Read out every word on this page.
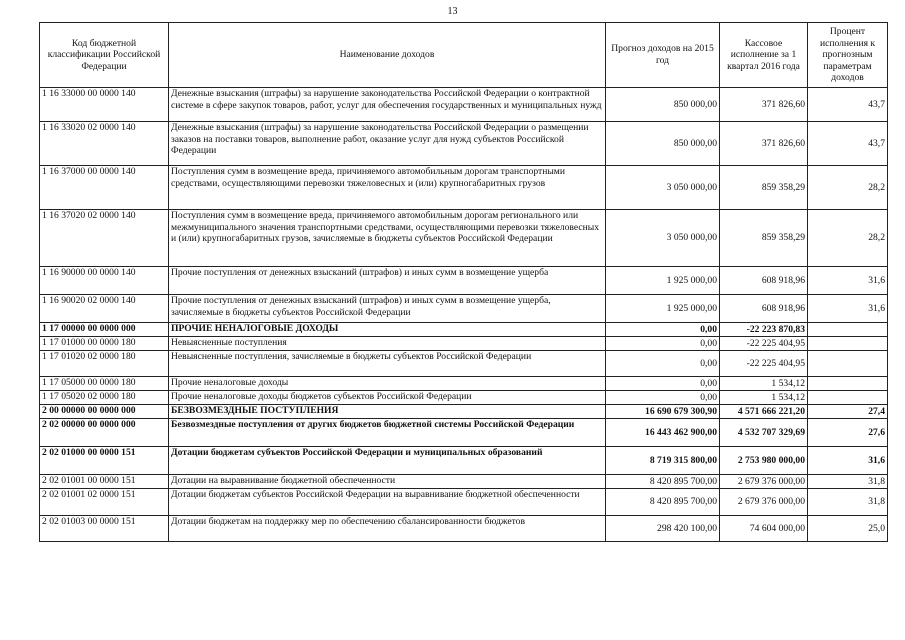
13
Код бюджетной классификации Российской Федерации	Наименование доходов	Прогноз доходов на 2015 год	Кассовое исполнение за 1 квартал 2016 года	Процент исполнения к прогнозным параметрам доходов
1 16 33000 00 0000 140	Денежные взыскания (штрафы) за нарушение законодательства Российской Федерации о контрактной системе в сфере закупок товаров, работ, услуг для обеспечения государственных и муниципальных нужд	850 000,00	371 826,60	43,7
1 16 33020 02 0000 140	Денежные взыскания (штрафы) за нарушение законодательства Российской Федерации о размещении заказов на поставки товаров, выполнение работ, оказание услуг для нужд субъектов Российской Федерации	850 000,00	371 826,60	43,7
1 16 37000 00 0000 140	Поступления сумм в возмещение вреда, причиняемого автомобильным дорогам транспортными средствами, осуществляющими перевозки тяжеловесных и (или) крупногабаритных грузов	3 050 000,00	859 358,29	28,2
1 16 37020 02 0000 140	Поступления сумм в возмещение вреда, причиняемого автомобильным дорогам регионального или межмуниципального значения транспортными средствами, осуществляющими перевозки тяжеловесных и (или) крупногабаритных грузов, зачисляемые в бюджеты субъектов Российской Федерации	3 050 000,00	859 358,29	28,2
1 16 90000 00 0000 140	Прочие поступления от денежных взысканий (штрафов) и иных сумм в возмещение ущерба	1 925 000,00	608 918,96	31,6
1 16 90020 02 0000 140	Прочие поступления от денежных взысканий (штрафов) и иных сумм в возмещение ущерба, зачисляемые в бюджеты субъектов Российской Федерации	1 925 000,00	608 918,96	31,6
1 17 00000 00 0000 000	ПРОЧИЕ НЕНАЛОГОВЫЕ ДОХОДЫ	0,00	-22 223 870,83	
1 17 01000 00 0000 180	Невыясненные поступления	0,00	-22 225 404,95	
1 17 01020 02 0000 180	Невыясненные поступления, зачисляемые в бюджеты субъектов Российской Федерации	0,00	-22 225 404,95	
1 17 05000 00 0000 180	Прочие неналоговые доходы	0,00	1 534,12	
1 17 05020 02 0000 180	Прочие неналоговые доходы бюджетов субъектов Российской Федерации	0,00	1 534,12	
2 00 00000 00 0000 000	БЕЗВОЗМЕЗДНЫЕ ПОСТУПЛЕНИЯ	16 690 679 300,90	4 571 666 221,20	27,4
2 02 00000 00 0000 000	Безвозмездные поступления от других бюджетов бюджетной системы Российской Федерации	16 443 462 900,00	4 532 707 329,69	27,6
2 02 01000 00 0000 151	Дотации бюджетам субъектов Российской Федерации и муниципальных образований	8 719 315 800,00	2 753 980 000,00	31,6
2 02 01001 00 0000 151	Дотации на выравнивание бюджетной обеспеченности	8 420 895 700,00	2 679 376 000,00	31,8
2 02 01001 02 0000 151	Дотации бюджетам субъектов Российской Федерации на выравнивание бюджетной обеспеченности	8 420 895 700,00	2 679 376 000,00	31,8
2 02 01003 00 0000 151	Дотации бюджетам на поддержку мер по обеспечению сбалансированности бюджетов	298 420 100,00	74 604 000,00	25,0
